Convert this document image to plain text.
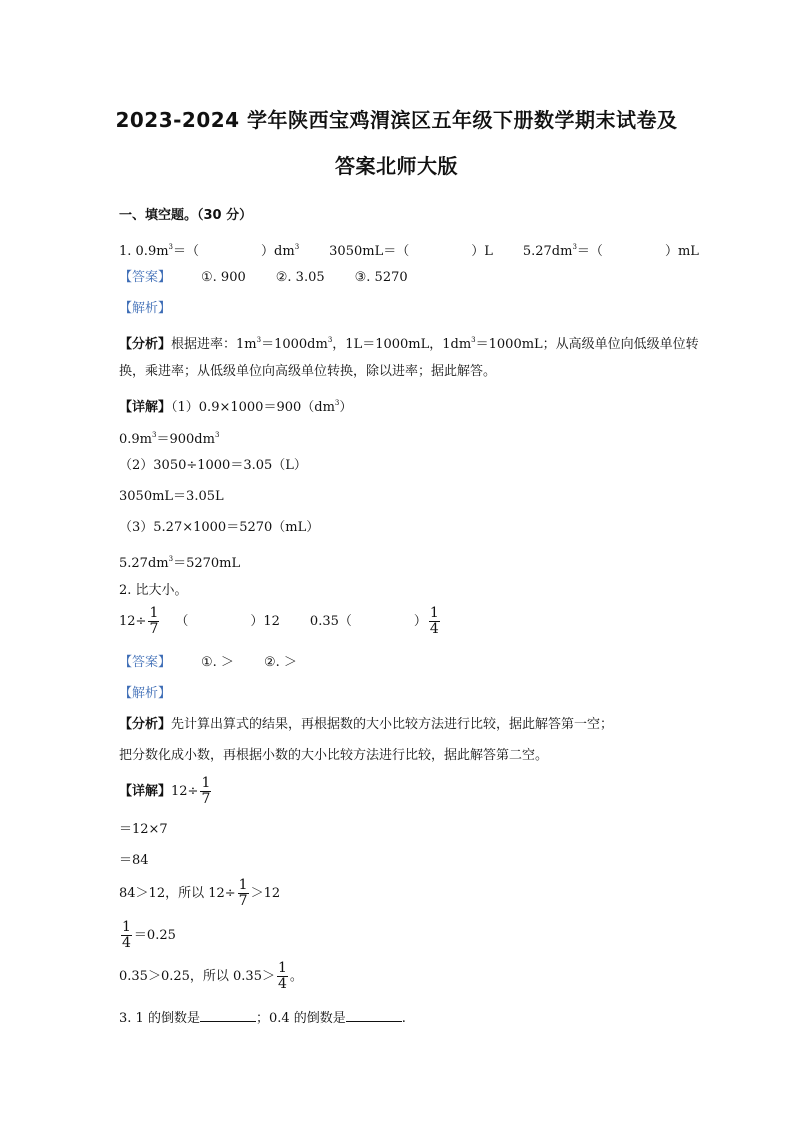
2023-2024 学年陕西宝鸡渭滨区五年级下册数学期末试卷及
答案北师大版
一、填空题。（30 分）
1. $0.9m^3=$（	）$dm^3$ 3050mL＝（	）L $5.27dm^3=$（	）mL
【答案】 ①. 900 ②. 3.05 ③. 5270
【解析】
【分析】根据进率：$1m^3=1000dm^3$，1L＝1000mL，$1dm^3=1000mL$；从高级单位向低级单位转
换，乘进率；从低级单位向高级单位转换，除以进率；据此解答。
【详解】$(1)0.9\times 1000=900(dm^3)$
$0.9m^3=900dm^3$
（2）3050÷1000＝3.05（L）
3050mL＝3.05L
（3）5.27×1000＝5270（mL）
$5.27dm^3=5270mL$
2. 比大小。
$12\div \frac{1}{7}$ （	）12 0.35（	） $\frac{1}{4}$
【答案】 ①. ＞ ②. ＞
【解析】
【分析】先计算出算式的结果，再根据数的大小比较方法进行比较，据此解答第一空；
把分数化成小数，再根据小数的大小比较方法进行比较，据此解答第二空。
【详解】$12\div \frac{1}{7}$
＝12×7
＝84
84＞12，所以 $12\div \frac{1}{7} >12$
$\frac{1}{4} =0.25$
0.35＞0.25，所以 $0.35> \frac{1}{4}$ 。
3. 1 的倒数是	；0.4 的倒数是	.
